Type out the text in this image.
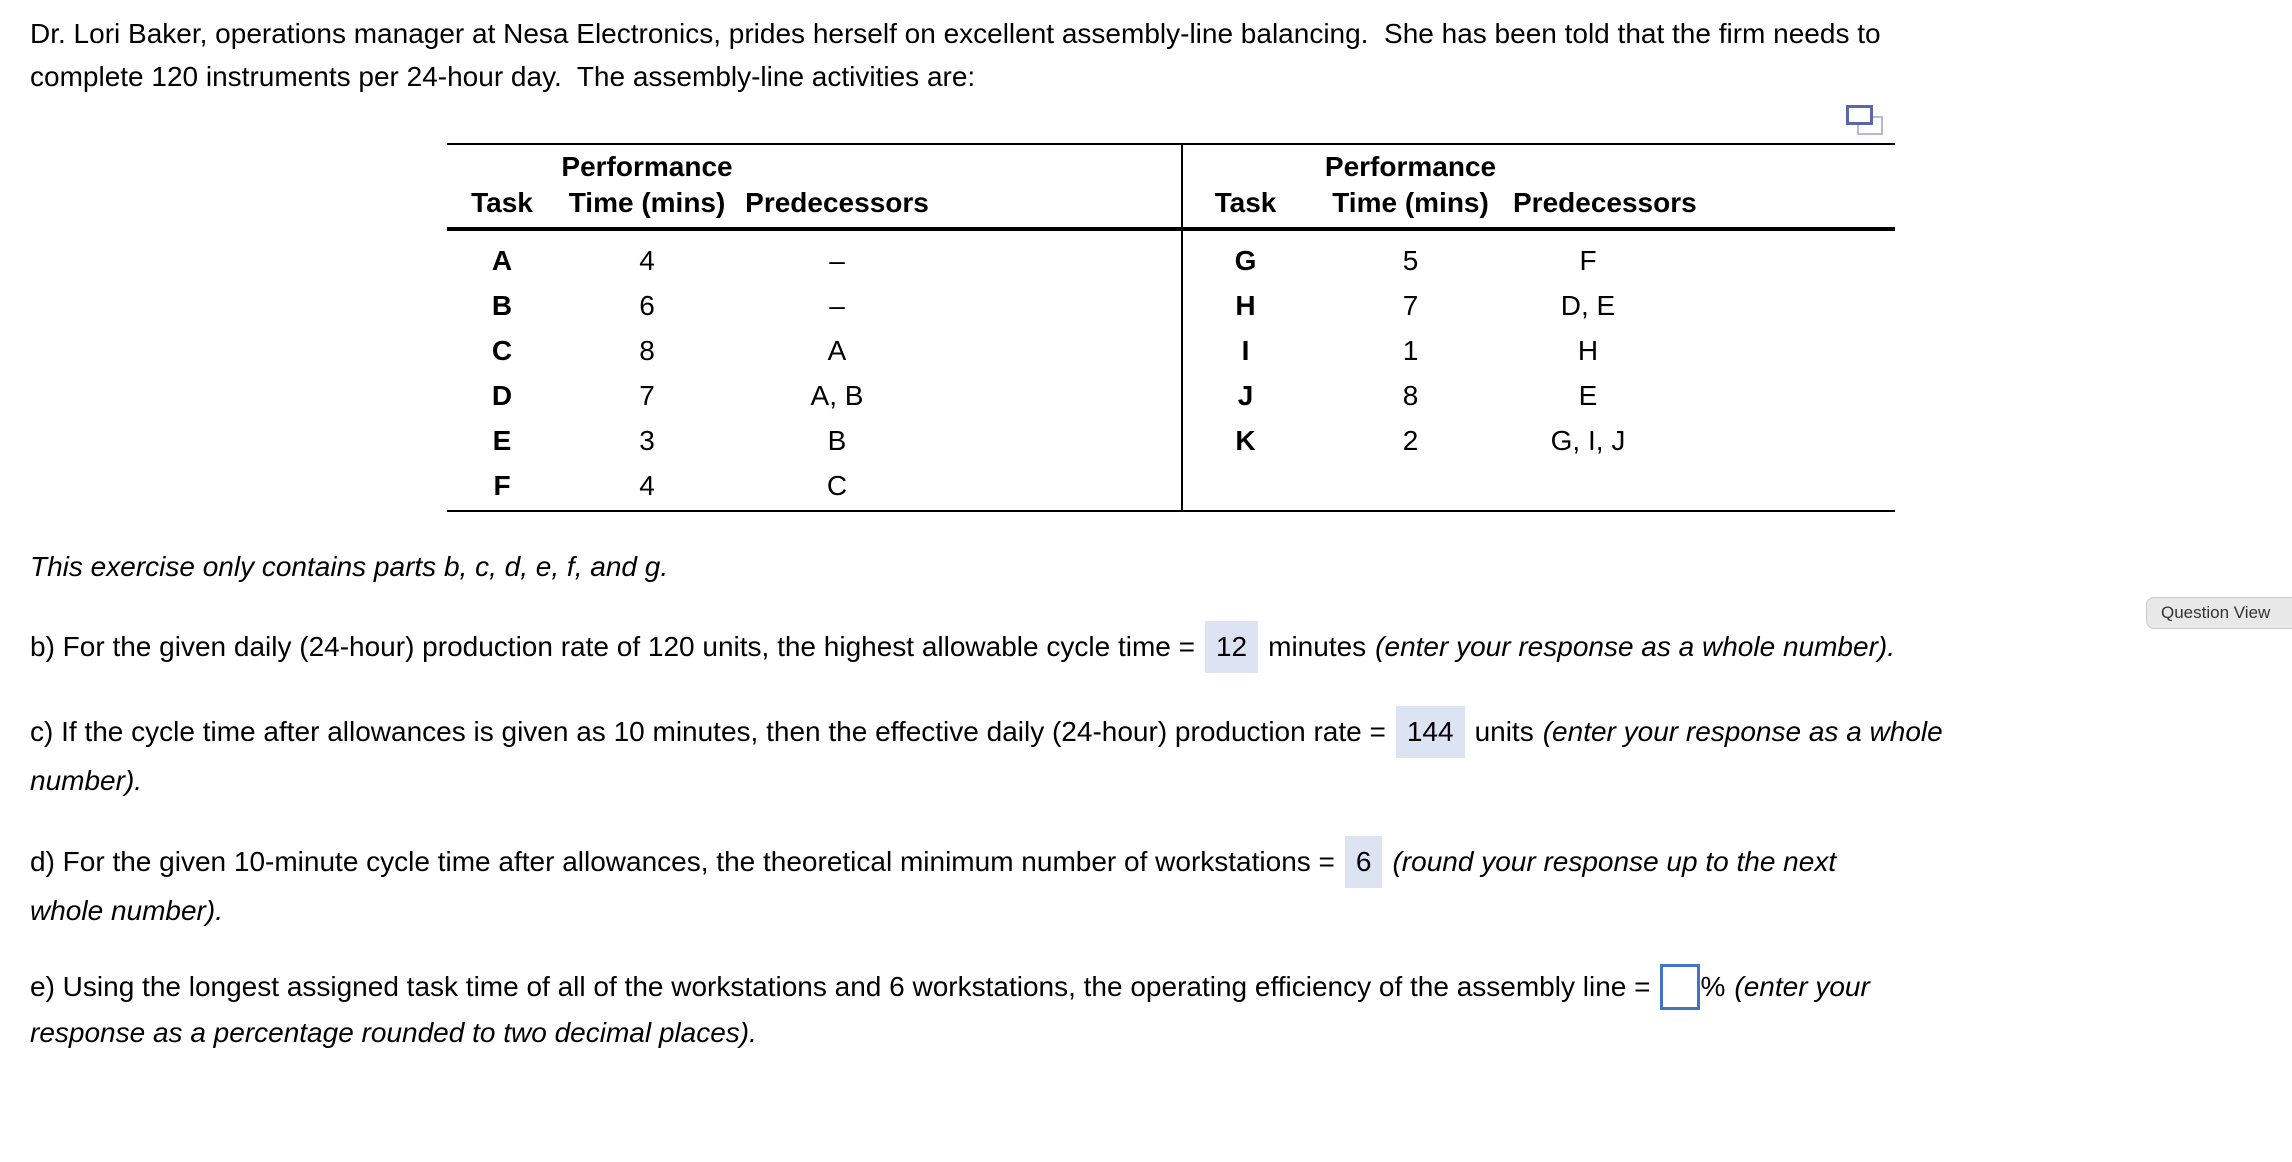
Dr. Lori Baker, operations manager at Nesa Electronics, prides herself on excellent assembly-line balancing.  She has been told that the firm needs to
complete 120 instruments per 24-hour day.  The assembly-line activities are:
Performance
Task	Time (mins) Predecessors
A	4	–
B	6	–
C	8	A
D	7	A, B
E	3	B
F	4	C
Performance
Task	Time (mins) Predecessors
G	5	F
H	7	D, E
I	1	H
J	8	E
K	2	G, I, J
This exercise only contains parts b, c, d, e, f, and g.
Question View
b) For the given daily (24-hour) production rate of 120 units, the highest allowable cycle time = 12 minutes (enter your response as a whole number).
c) If the cycle time after allowances is given as 10 minutes, then the effective daily (24-hour) production rate = 144 units (enter your response as a whole
number).
d) For the given 10-minute cycle time after allowances, the theoretical minimum number of workstations = 6 (round your response up to the next
whole number).
e) Using the longest assigned task time of all of the workstations and 6 workstations, the operating efficiency of the assembly line = % (enter your
response as a percentage rounded to two decimal places).
